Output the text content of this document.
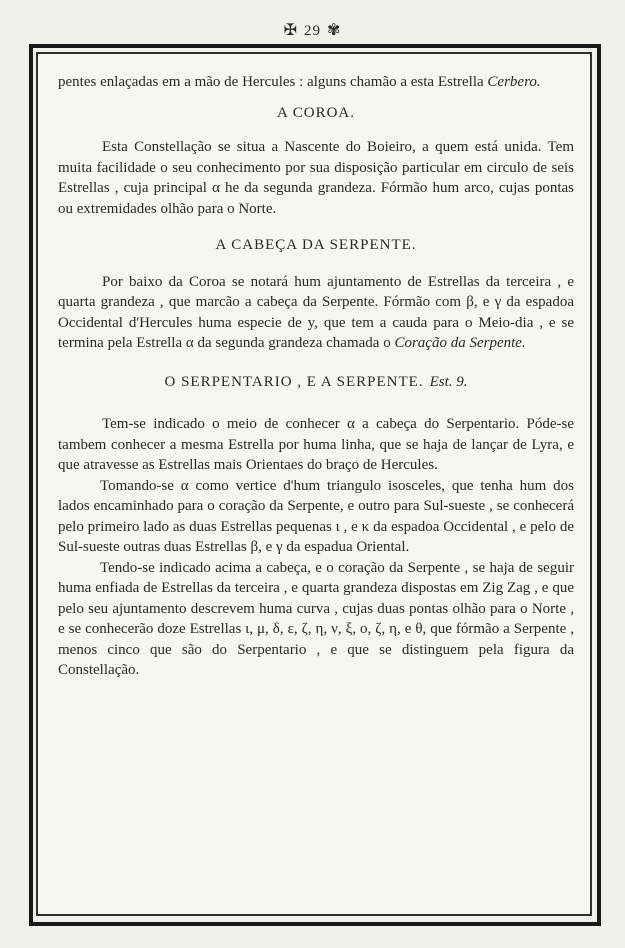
✠ 29 ✾

pentes enlaçadas em a mão de Hercules : alguns chamão a esta Estrella Cerbero.

A COROA.

Esta Constellação se situa a Nascente do Boieiro, a quem está unida. Tem muita facilidade o seu conhecimento por sua disposição particular em circulo de seis Estrellas , cuja principal α he da segunda grandeza. Fórmão hum arco, cujas pontas ou extremidades olhão para o Norte.

A CABEÇA DA SERPENTE.

Por baixo da Coroa se notará hum ajuntamento de Estrellas da terceira , e quarta grandeza , que marcão a cabeça da Serpente. Fórmão com β, e γ da espadoa Occidental d'Hercules huma especie de y, que tem a cauda para o Meio-dia , e se termina pela Estrella α da segunda grandeza chamada o Coração da Serpente.

O SERPENTARIO , E A SERPENTE. Est. 9.

Tem-se indicado o meio de conhecer α a cabeça do Serpentario. Póde-se tambem conhecer a mesma Estrella por huma linha, que se haja de lançar de Lyra, e que atravesse as Estrellas mais Orientaes do braço de Hercules.

Tomando-se α como vertice d'hum triangulo isosceles, que tenha hum dos lados encaminhado para o coração da Serpente, e outro para Sul-sueste , se conhecerá pelo primeiro lado as duas Estrellas pequenas ι , e κ da espadoa Occidental , e pelo de Sul-sueste outras duas Estrellas β, e γ da espadua Oriental.

Tendo-se indicado acima a cabeça, e o coração da Serpente , se haja de seguir huma enfiada de Estrellas da terceira , e quarta grandeza dispostas em Zig Zag , e que pelo seu ajuntamento descrevem huma curva , cujas duas pontas olhão para o Norte , e se conhecerão doze Estrellas ι, μ, δ, ε, ζ, η, ν, ξ, ο, ζ, η, e θ, que fórmão a Serpente , menos cinco que são do Serpentario , e que se distinguem pela figura da Constellação.
